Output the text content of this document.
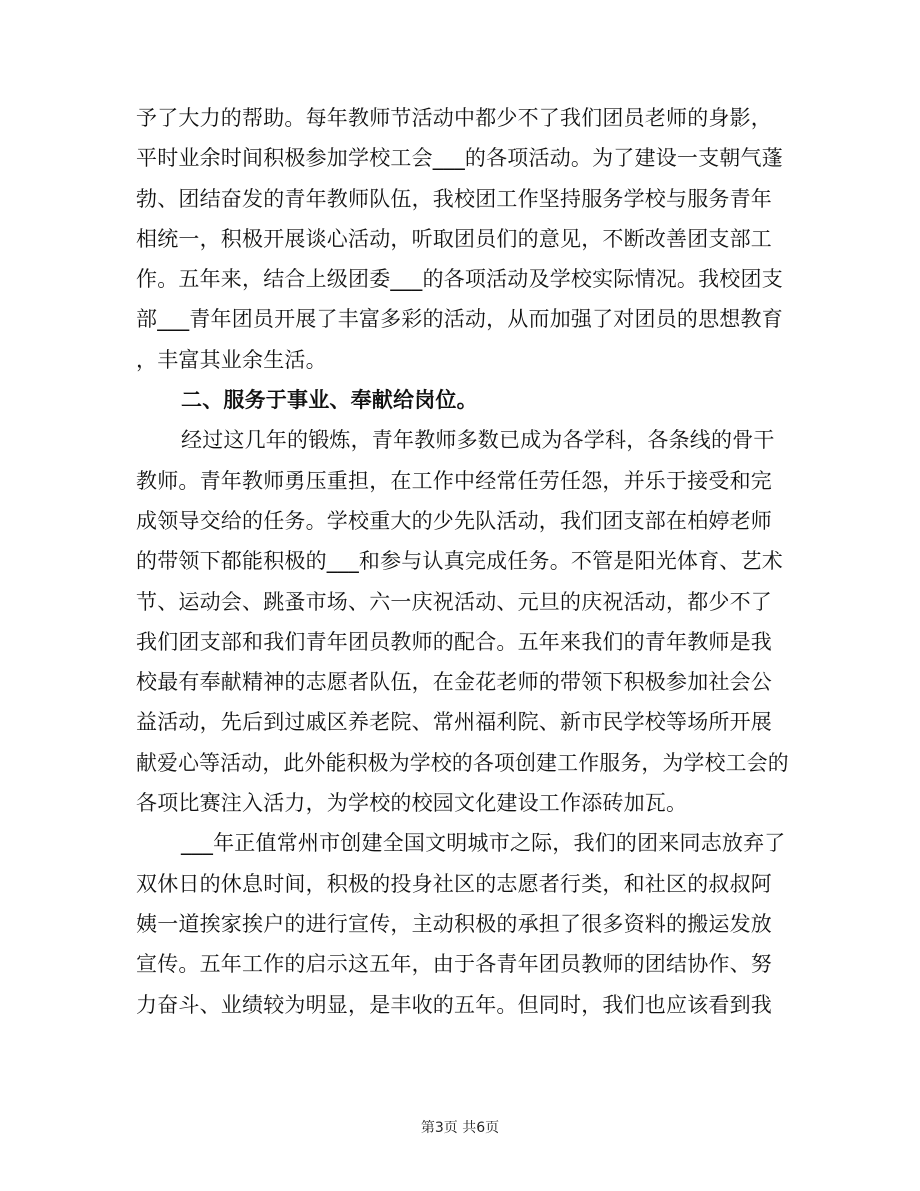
予了大力的帮助。每年教师节活动中都少不了我们团员老师的身影，
平时业余时间积极参加学校工会___的各项活动。为了建设一支朝气蓬
勃、团结奋发的青年教师队伍，我校团工作坚持服务学校与服务青年
相统一，积极开展谈心活动，听取团员们的意见，不断改善团支部工
作。五年来，结合上级团委___的各项活动及学校实际情况。我校团支
部___青年团员开展了丰富多彩的活动，从而加强了对团员的思想教育
，丰富其业余生活。
二、服务于事业、奉献给岗位。
经过这几年的锻炼，青年教师多数已成为各学科，各条线的骨干
教师。青年教师勇压重担，在工作中经常任劳任怨，并乐于接受和完
成领导交给的任务。学校重大的少先队活动，我们团支部在柏婷老师
的带领下都能积极的___和参与认真完成任务。不管是阳光体育、艺术
节、运动会、跳蚤市场、六一庆祝活动、元旦的庆祝活动，都少不了
我们团支部和我们青年团员教师的配合。五年来我们的青年教师是我
校最有奉献精神的志愿者队伍，在金花老师的带领下积极参加社会公
益活动，先后到过戚区养老院、常州福利院、新市民学校等场所开展
献爱心等活动，此外能积极为学校的各项创建工作服务，为学校工会的
各项比赛注入活力，为学校的校园文化建设工作添砖加瓦。
___年正值常州市创建全国文明城市之际，我们的团来同志放弃了
双休日的休息时间，积极的投身社区的志愿者行类，和社区的叔叔阿
姨一道挨家挨户的进行宣传，主动积极的承担了很多资料的搬运发放
宣传。五年工作的启示这五年，由于各青年团员教师的团结协作、努
力奋斗、业绩较为明显，是丰收的五年。但同时，我们也应该看到我
第3页 共6页
